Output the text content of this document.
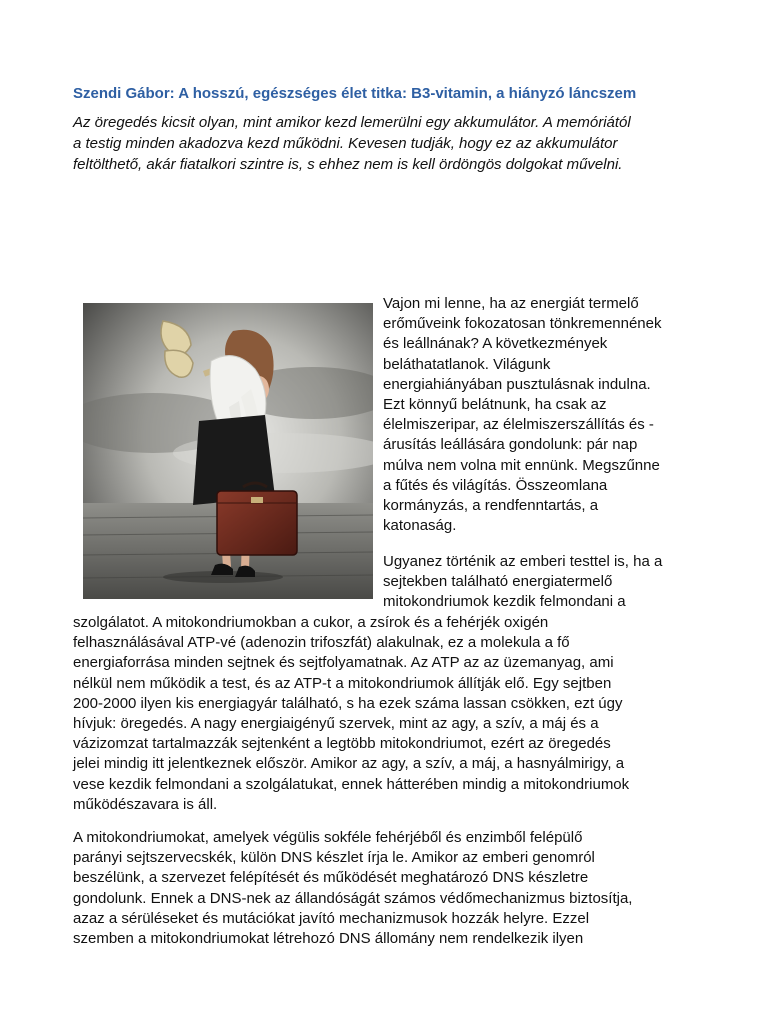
Szendi Gábor: A hosszú, egészséges élet titka: B3-vitamin, a hiányzó láncszem
Az öregedés kicsit olyan, mint amikor kezd lemerülni egy akkumulátor. A memóriától
a testig minden akadozva kezd működni. Kevesen tudják, hogy ez az akkumulátor
feltölthető, akár fiatalkori szintre is, s ehhez nem is kell ördöngös dolgokat művelni.
Vajon mi lenne, ha az energiát termelő
erőműveink fokozatosan tönkremennének
és leállnának? A következmények
beláthatatlanok. Világunk
energiahiányában pusztulásnak indulna.
Ezt könnyű belátnunk, ha csak az
élelmiszeripar, az élelmiszerszállítás és -
árusítás leállására gondolunk: pár nap
múlva nem volna mit ennünk. Megszűnne
a fűtés és világítás. Összeomlana
kormányzás, a rendfenntartás, a
katonaság.
Ugyanez történik az emberi testtel is, ha a
sejtekben található energiatermelő
mitokondriumok kezdik felmondani a
szolgálatot. A mitokondriumokban a cukor, a zsírok és a fehérjék oxigén
felhasználásával ATP-vé (adenozin trifoszfát) alakulnak, ez a molekula a fő
energiaforrása minden sejtnek és sejtfolyamatnak. Az ATP az az üzemanyag, ami
nélkül nem működik a test, és az ATP-t a mitokondriumok állítják elő. Egy sejtben
200-2000 ilyen kis energiagyár található, s ha ezek száma lassan csökken, ezt úgy
hívjuk: öregedés. A nagy energiaigényű szervek, mint az agy, a szív, a máj és a
vázizomzat tartalmazzák sejtenként a legtöbb mitokondriumot, ezért az öregedés
jelei mindig itt jelentkeznek először. Amikor az agy, a szív, a máj, a hasnyálmirigy, a
vese kezdik felmondani a szolgálatukat, ennek hátterében mindig a mitokondriumok
működészavara is áll.
A mitokondriumokat, amelyek végülis sokféle fehérjéből és enzimből felépülő
parányi sejtszervecskék, külön DNS készlet írja le. Amikor az emberi genomról
beszélünk, a szervezet felépítését és működését meghatározó DNS készletre
gondolunk. Ennek a DNS-nek az állandóságát számos védőmechanizmus biztosítja,
azaz a sérüléseket és mutációkat javító mechanizmusok hozzák helyre. Ezzel
szemben a mitokondriumokat létrehozó DNS állomány nem rendelkezik ilyen
